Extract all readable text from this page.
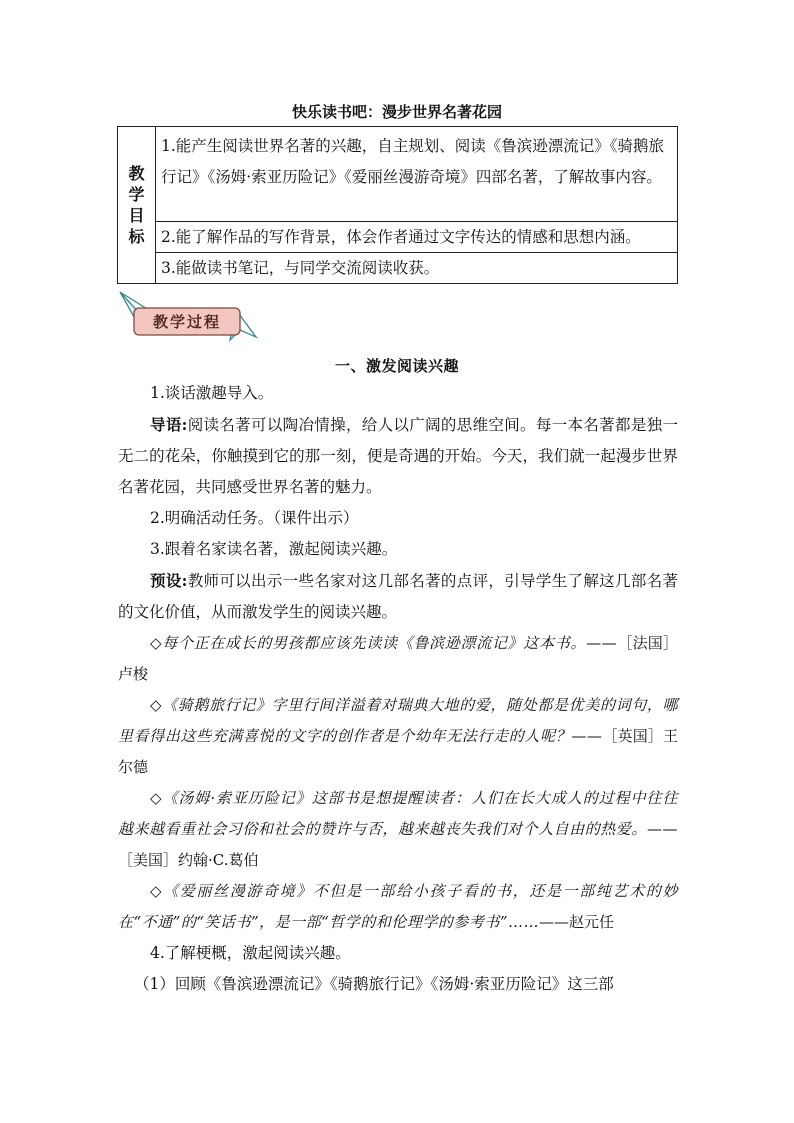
快乐读书吧：漫步世界名著花园
教
学
目
标
1.能产生阅读世界名著的兴趣，自主规划、阅读《鲁滨逊漂流记》《骑鹅旅行记》《汤姆·索亚历险记》《爱丽丝漫游奇境》四部名著，了解故事内容。
2.能了解作品的写作背景，体会作者通过文字传达的情感和思想内涵。
3.能做读书笔记，与同学交流阅读收获。
教学过程
一、激发阅读兴趣

1.谈话激趣导入。

导语:阅读名著可以陶冶情操，给人以广阔的思维空间。每一本名著都是独一无二的花朵，你触摸到它的那一刻，便是奇遇的开始。今天，我们就一起漫步世界名著花园，共同感受世界名著的魅力。

2.明确活动任务。（课件出示）

3.跟着名家读名著，激起阅读兴趣。

预设:教师可以出示一些名家对这几部名著的点评，引导学生了解这几部名著的文化价值，从而激发学生的阅读兴趣。

◇每个正在成长的男孩都应该先读读《鲁滨逊漂流记》这本书。——［法国］卢梭

◇《骑鹅旅行记》字里行间洋溢着对瑞典大地的爱，随处都是优美的词句，哪里看得出这些充满喜悦的文字的创作者是个幼年无法行走的人呢？——［英国］王尔德

◇《汤姆·索亚历险记》这部书是想提醒读者：人们在长大成人的过程中往往越来越看重社会习俗和社会的赞许与否，越来越丧失我们对个人自由的热爱。——［美国］约翰·C.葛伯

◇《爱丽丝漫游奇境》不但是一部给小孩子看的书，还是一部纯艺术的妙在“不通”的“笑话书”，是一部“哲学的和伦理学的参考书”……——赵元任

4.了解梗概，激起阅读兴趣。

（1）回顾《鲁滨逊漂流记》《骑鹅旅行记》《汤姆·索亚历险记》这三部
